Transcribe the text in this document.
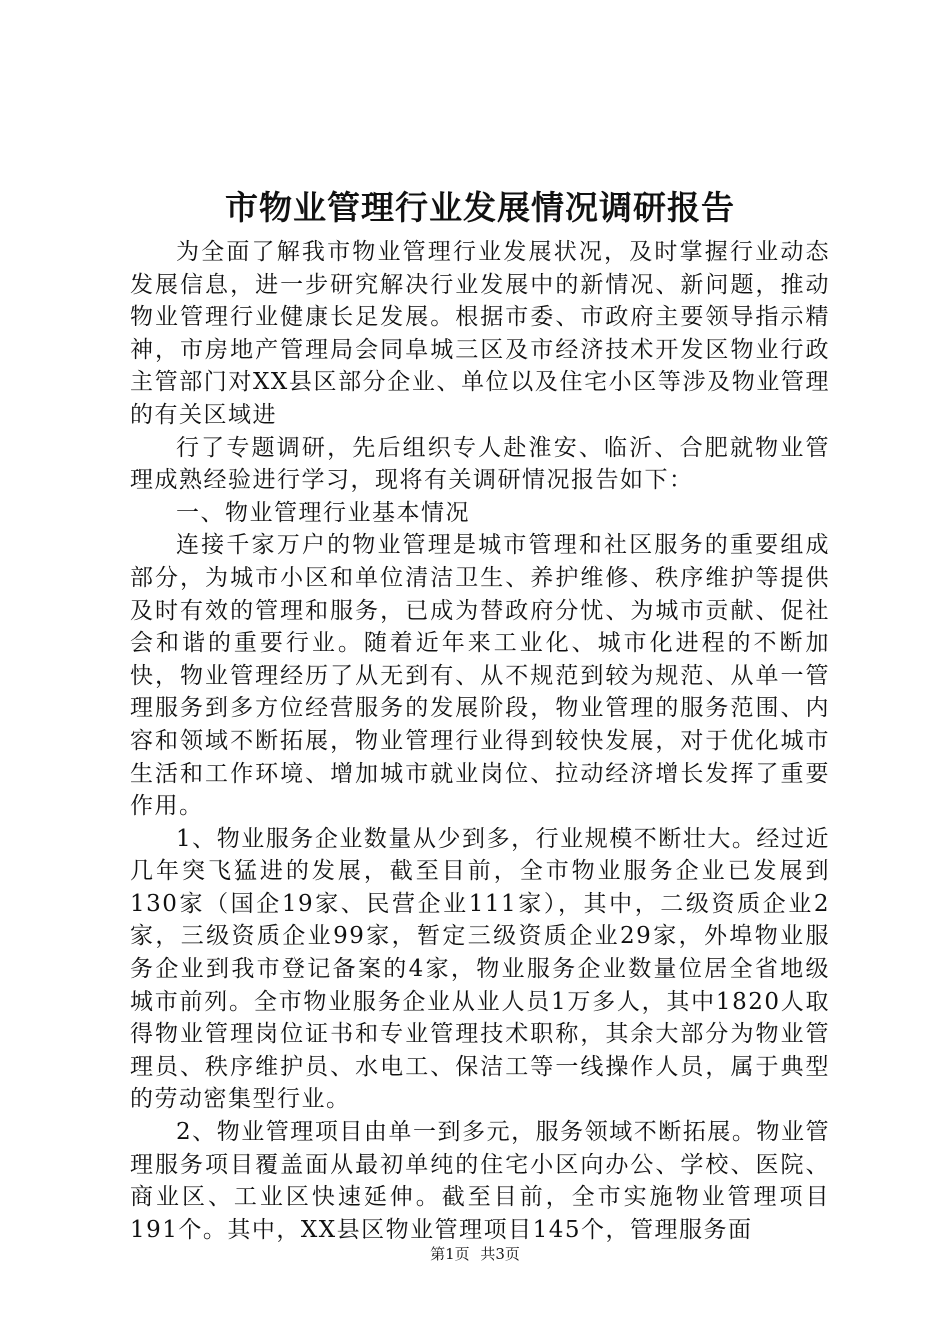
市物业管理行业发展情况调研报告

为全面了解我市物业管理行业发展状况，及时掌握行业动态发展信息，进一步研究解决行业发展中的新情况、新问题，推动物业管理行业健康长足发展。根据市委、市政府主要领导指示精神，市房地产管理局会同阜城三区及市经济技术开发区物业行政主管部门对XX县区部分企业、单位以及住宅小区等涉及物业管理的有关区域进

行了专题调研，先后组织专人赴淮安、临沂、合肥就物业管理成熟经验进行学习，现将有关调研情况报告如下：

一、物业管理行业基本情况

连接千家万户的物业管理是城市管理和社区服务的重要组成部分，为城市小区和单位清洁卫生、养护维修、秩序维护等提供及时有效的管理和服务，已成为替政府分忧、为城市贡献、促社会和谐的重要行业。随着近年来工业化、城市化进程的不断加快，物业管理经历了从无到有、从不规范到较为规范、从单一管理服务到多方位经营服务的发展阶段，物业管理的服务范围、内容和领域不断拓展，物业管理行业得到较快发展，对于优化城市生活和工作环境、增加城市就业岗位、拉动经济增长发挥了重要作用。

1、物业服务企业数量从少到多，行业规模不断壮大。经过近几年突飞猛进的发展，截至目前，全市物业服务企业已发展到130家（国企19家、民营企业111家），其中，二级资质企业2家，三级资质企业99家，暂定三级资质企业29家，外埠物业服务企业到我市登记备案的4家，物业服务企业数量位居全省地级城市前列。全市物业服务企业从业人员1万多人，其中1820人取得物业管理岗位证书和专业管理技术职称，其余大部分为物业管理员、秩序维护员、水电工、保洁工等一线操作人员，属于典型的劳动密集型行业。

2、物业管理项目由单一到多元，服务领域不断拓展。物业管理服务项目覆盖面从最初单纯的住宅小区向办公、学校、医院、商业区、工业区快速延伸。截至目前，全市实施物业管理项目191个。其中，XX县区物业管理项目145个，管理服务面

第1页 共3页
